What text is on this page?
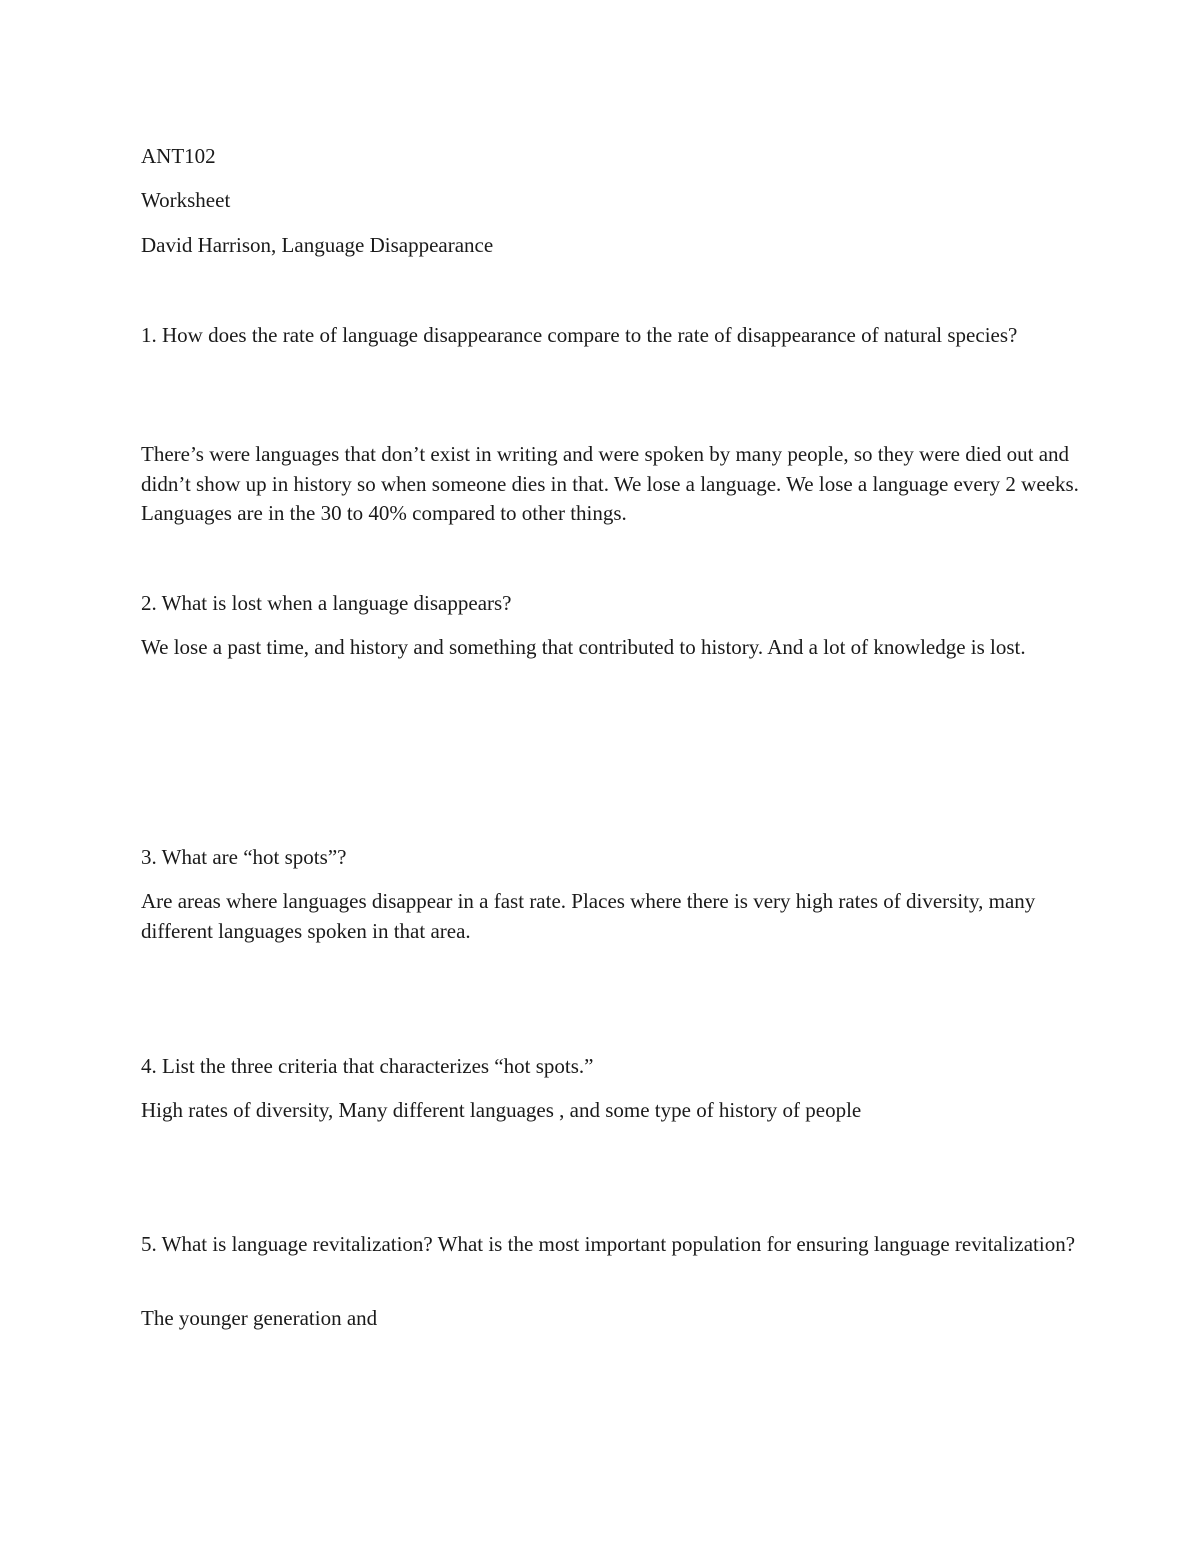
ANT102

Worksheet

David Harrison, Language Disappearance

1. How does the rate of language disappearance compare to the rate of disappearance of natural species?

There’s were languages that don’t exist in writing and were spoken by many people, so they were died out and didn’t show up in history so when someone dies in that. We lose a language. We lose a language every 2 weeks. Languages are in the 30 to 40% compared to other things.

2. What is lost when a language disappears?

We lose a past time, and history and something that contributed to history. And a lot of knowledge is lost.

3. What are “hot spots”?

Are areas where languages disappear in a fast rate. Places where there is very high rates of diversity, many different languages spoken in that area.

4. List the three criteria that characterizes “hot spots.”

High rates of diversity, Many different languages , and some type of history of people

5. What is language revitalization? What is the most important population for ensuring language revitalization?

The younger generation and
